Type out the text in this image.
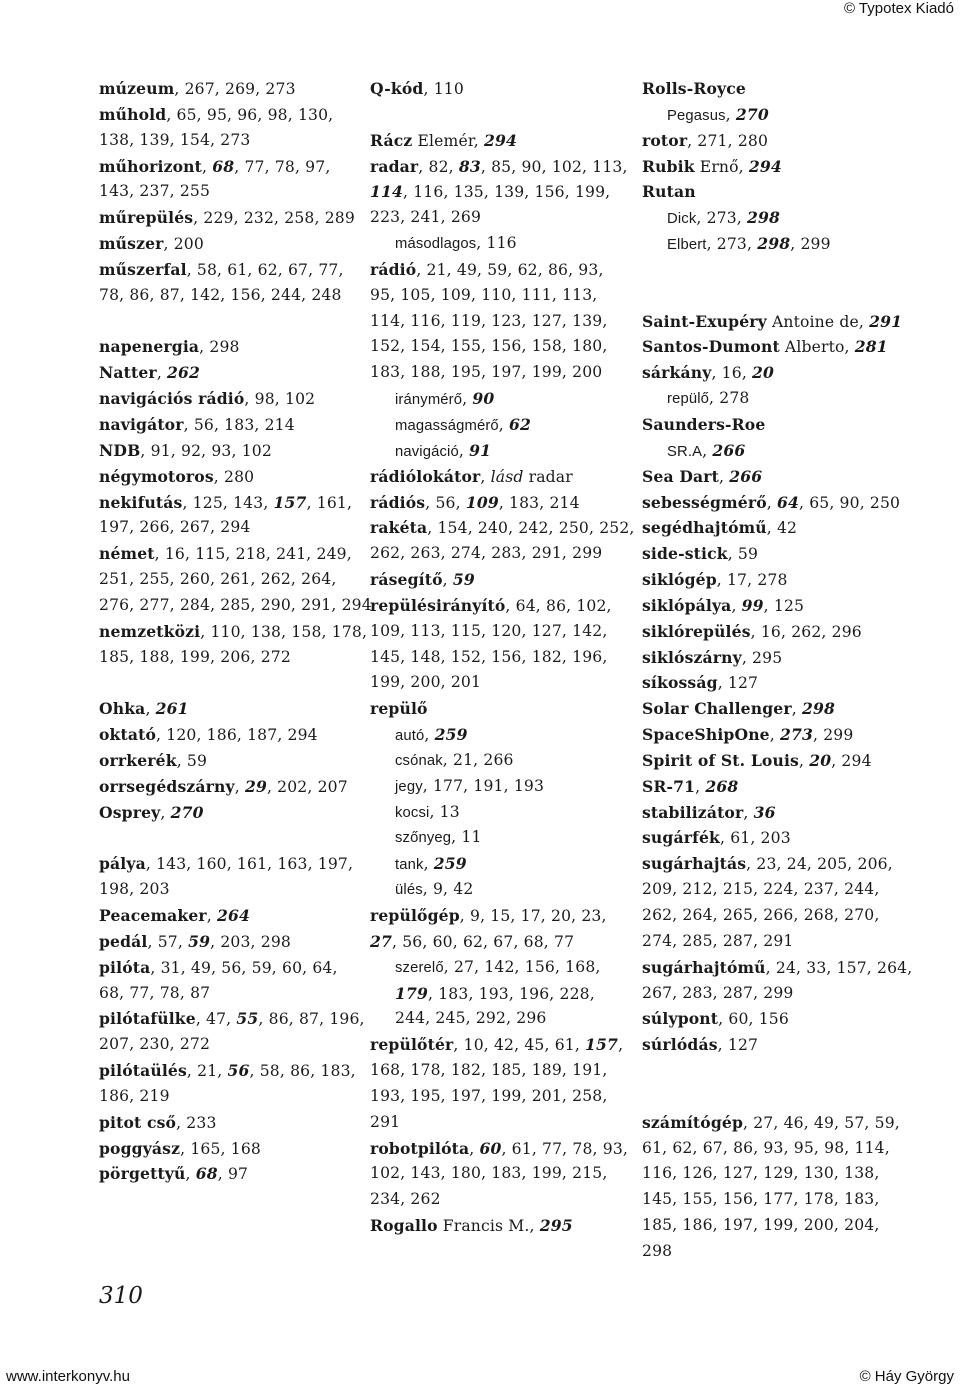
© Typotex Kiadó
múzeum, 267, 269, 273
műhold, 65, 95, 96, 98, 130,
138, 139, 154, 273
műhorizont, 68, 77, 78, 97,
143, 237, 255
műrepülés, 229, 232, 258, 289
műszer, 200
műszerfal, 58, 61, 62, 67, 77,
78, 86, 87, 142, 156, 244, 248
napenergia, 298
Natter, 262
navigációs rádió, 98, 102
navigátor, 56, 183, 214
NDB, 91, 92, 93, 102
négymotoros, 280
nekifutás, 125, 143, 157, 161,
197, 266, 267, 294
német, 16, 115, 218, 241, 249,
251, 255, 260, 261, 262, 264,
276, 277, 284, 285, 290, 291, 294
nemzetközi, 110, 138, 158, 178,
185, 188, 199, 206, 272
Ohka, 261
oktató, 120, 186, 187, 294
orrkerék, 59
orrsegédszárny, 29, 202, 207
Osprey, 270
pálya, 143, 160, 161, 163, 197,
198, 203
Peacemaker, 264
pedál, 57, 59, 203, 298
pilóta, 31, 49, 56, 59, 60, 64,
68, 77, 78, 87
pilótafülke, 47, 55, 86, 87, 196,
207, 230, 272
pilótaülés, 21, 56, 58, 86, 183,
186, 219
pitot cső, 233
poggyász, 165, 168
pörgettyű, 68, 97
Q-kód, 110
Rácz Elemér, 294
radar, 82, 83, 85, 90, 102, 113,
114, 116, 135, 139, 156, 199,
223, 241, 269
másodlagos, 116
rádió, 21, 49, 59, 62, 86, 93,
95, 105, 109, 110, 111, 113,
114, 116, 119, 123, 127, 139,
152, 154, 155, 156, 158, 180,
183, 188, 195, 197, 199, 200
iránymérő, 90
magasságmérő, 62
navigáció, 91
rádiólokátor, lásd radar
rádiós, 56, 109, 183, 214
rakéta, 154, 240, 242, 250, 252,
262, 263, 274, 283, 291, 299
rásegítő, 59
repülésirányító, 64, 86, 102,
109, 113, 115, 120, 127, 142,
145, 148, 152, 156, 182, 196,
199, 200, 201
repülő
autó, 259
csónak, 21, 266
jegy, 177, 191, 193
kocsi, 13
szőnyeg, 11
tank, 259
ülés, 9, 42
repülőgép, 9, 15, 17, 20, 23,
27, 56, 60, 62, 67, 68, 77
szerelő, 27, 142, 156, 168,
179, 183, 193, 196, 228,
244, 245, 292, 296
repülőtér, 10, 42, 45, 61, 157,
168, 178, 182, 185, 189, 191,
193, 195, 197, 199, 201, 258,
291
robotpilóta, 60, 61, 77, 78, 93,
102, 143, 180, 183, 199, 215,
234, 262
Rogallo Francis M., 295
Rolls-Royce
Pegasus, 270
rotor, 271, 280
Rubik Ernő, 294
Rutan
Dick, 273, 298
Elbert, 273, 298, 299
Saint-Exupéry Antoine de, 291
Santos-Dumont Alberto, 281
sárkány, 16, 20
repülő, 278
Saunders-Roe
SR.A, 266
Sea Dart, 266
sebességmérő, 64, 65, 90, 250
segédhajtómű, 42
side-stick, 59
siklógép, 17, 278
siklópálya, 99, 125
siklórepülés, 16, 262, 296
siklószárny, 295
síkosság, 127
Solar Challenger, 298
SpaceShipOne, 273, 299
Spirit of St. Louis, 20, 294
SR-71, 268
stabilizátor, 36
sugárfék, 61, 203
sugárhajtás, 23, 24, 205, 206,
209, 212, 215, 224, 237, 244,
262, 264, 265, 266, 268, 270,
274, 285, 287, 291
sugárhajtómű, 24, 33, 157, 264,
267, 283, 287, 299
súlypont, 60, 156
súrlódás, 127
számítógép, 27, 46, 49, 57, 59,
61, 62, 67, 86, 93, 95, 98, 114,
116, 126, 127, 129, 130, 138,
145, 155, 156, 177, 178, 183,
185, 186, 197, 199, 200, 204,
298
310
www.interkonyv.hu	© Háy György
